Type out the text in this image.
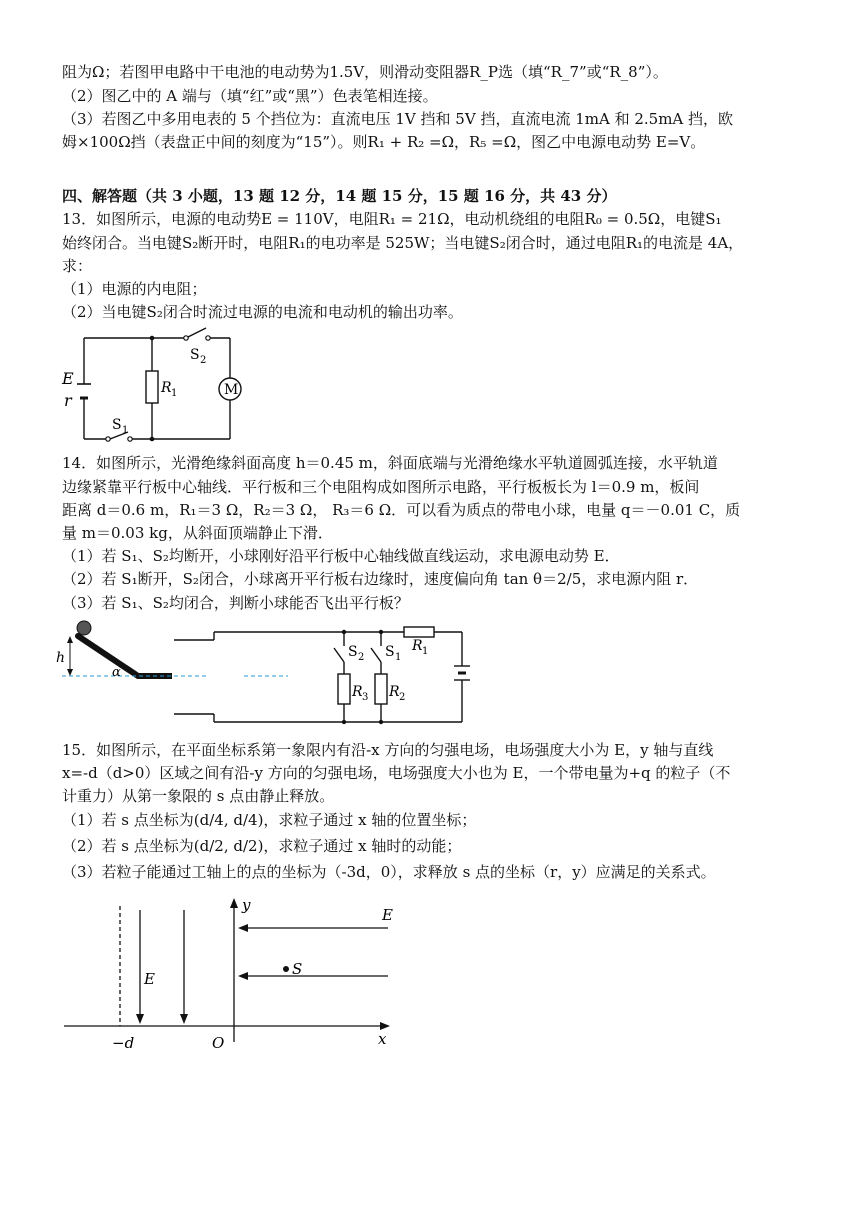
阻为Ω；若图甲电路中干电池的电动势为1.5V，则滑动变阻器R_P选（填“R_7”或“R_8”）。
（2）图乙中的 A 端与（填“红”或“黑”）色表笔相连接。
（3）若图乙中多用电表的 5 个挡位为：直流电压 1V 挡和 5V 挡，直流电流 1mA 和 2.5mA 挡，欧
姆×100Ω挡（表盘正中间的刻度为“15”）。则R₁ + R₂ =Ω，R₅ =Ω，图乙中电源电动势 E=V。
四、解答题（共 3 小题，13 题 12 分，14 题 15 分，15 题 16 分，共 43 分）
13．如图所示，电源的电动势E = 110V，电阻R₁ = 21Ω，电动机绕组的电阻R₀ = 0.5Ω，电键S₁
始终闭合。当电键S₂断开时，电阻R₁的电功率是 525W；当电键S₂闭合时，通过电阻R₁的电流是 4A，
求：
（1）电源的内电阻；
（2）当电键S₂闭合时流过电源的电流和电动机的输出功率。
E
r
S 2
S 1
R 1	M
14．如图所示，光滑绝缘斜面高度 h＝0.45 m，斜面底端与光滑绝缘水平轨道圆弧连接，水平轨道
边缘紧靠平行板中心轴线．平行板和三个电阻构成如图所示电路，平行板板长为 l＝0.9 m，板间
距离 d＝0.6 m，R₁＝3 Ω，R₂＝3 Ω， R₃＝6 Ω．可以看为质点的带电小球，电量 q＝－0.01 C，质
量 m＝0.03 kg，从斜面顶端静止下滑．
（1）若 S₁、S₂均断开，小球刚好沿平行板中心轴线做直线运动，求电源电动势 E．
（2）若 S₁断开，S₂闭合，小球离开平行板右边缘时，速度偏向角 tan θ＝2/5，求电源内阻 r．
（3）若 S₁、S₂均闭合，判断小球能否飞出平行板？
h
α
S 2 S 1
R 1
R 3 R 2
15．如图所示，在平面坐标系第一象限内有沿-x 方向的匀强电场，电场强度大小为 E，y 轴与直线
x=-d（d>0）区域之间有沿-y 方向的匀强电场，电场强度大小也为 E，一个带电量为+q 的粒子（不
计重力）从第一象限的 s 点由静止释放。
（1）若 s 点坐标为(d/4, d/4)，求粒子通过 x 轴的位置坐标；
（2）若 s 点坐标为(d/2, d/2)，求粒子通过 x 轴时的动能；
（3）若粒子能通过工轴上的点的坐标为（-3d，0），求释放 s 点的坐标（r，y）应满足的关系式。
y
x
E
E
S
−d	O
